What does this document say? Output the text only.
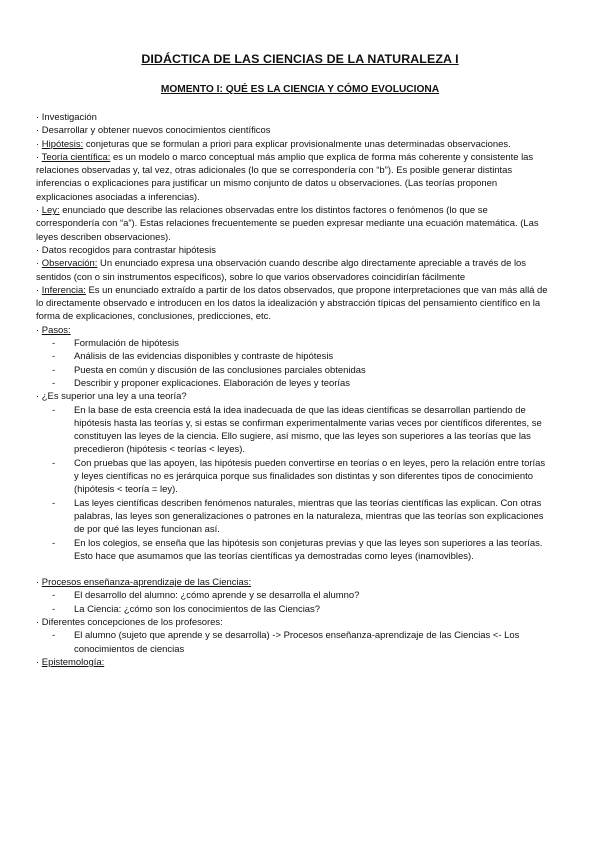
DIDÁCTICA DE LAS CIENCIAS DE LA NATURALEZA I
MOMENTO I: QUÉ ES LA CIENCIA Y CÓMO EVOLUCIONA

· Investigación

· Desarrollar y obtener nuevos conocimientos científicos

· Hipótesis: conjeturas que se formulan a priori para explicar provisionalmente unas determinadas observaciones.

· Teoría científica: es un modelo o marco conceptual más amplio que explica de forma más coherente y consistente las relaciones observadas y, tal vez, otras adicionales (lo que se correspondería con “b”). Es posible generar distintas inferencias o explicaciones para justificar un mismo conjunto de datos u observaciones. (Las teorías proponen explicaciones asociadas a inferencias).

· Ley: enunciado que describe las relaciones observadas entre los distintos factores o fenómenos (lo que se correspondería con “a”). Estas relaciones frecuentemente se pueden expresar mediante una ecuación matemática. (Las leyes describen observaciones).

· Datos recogidos para contrastar hipótesis

· Observación: Un enunciado expresa una observación cuando describe algo directamente apreciable a través de los sentidos (con o sin instrumentos específicos), sobre lo que varios observadores coincidirían fácilmente

· Inferencia: Es un enunciado extraído a partir de los datos observados, que propone interpretaciones que van más allá de lo directamente observado e introducen en los datos la idealización y abstracción típicas del pensamiento científico en la forma de explicaciones, conclusiones, predicciones, etc.

· Pasos:

- Formulación de hipótesis
- Análisis de las evidencias disponibles y contraste de hipótesis
- Puesta en común y discusión de las conclusiones parciales obtenidas
- Describir y proponer explicaciones. Elaboración de leyes y teorías

· ¿Es superior una ley a una teoría?

- En la base de esta creencia está la idea inadecuada de que las ideas científicas se desarrollan partiendo de hipótesis hasta las teorías y, si estas se confirman experimentalmente varias veces por científicos diferentes, se constituyen las leyes de la ciencia. Ello sugiere, así mismo, que las leyes son superiores a las teorías que las precedieron (hipótesis < teorías < leyes).
- Con pruebas que las apoyen, las hipótesis pueden convertirse en teorías o en leyes, pero la relación entre torías y leyes científicas no es jerárquica porque sus finalidades son distintas y son diferentes tipos de conocimiento (hipótesis < teoría = ley).
- Las leyes científicas describen fenómenos naturales, mientras que las teorías científicas las explican. Con otras palabras, las leyes son generalizaciones o patrones en la naturaleza, mientras que las teorías son explicaciones de por qué las leyes funcionan así.
- En los colegios, se enseña que las hipótesis son conjeturas previas y que las leyes son superiores a las teorías. Esto hace que asumamos que las teorías científicas ya demostradas como leyes (inamovibles).

· Procesos enseñanza-aprendizaje de las Ciencias:

- El desarrollo del alumno: ¿cómo aprende y se desarrolla el alumno?
- La Ciencia: ¿cómo son los conocimientos de las Ciencias?

· Diferentes concepciones de los profesores:

- El alumno (sujeto que aprende y se desarrolla) -> Procesos enseñanza-aprendizaje de las Ciencias <- Los conocimientos de ciencias

· Epistemología:
